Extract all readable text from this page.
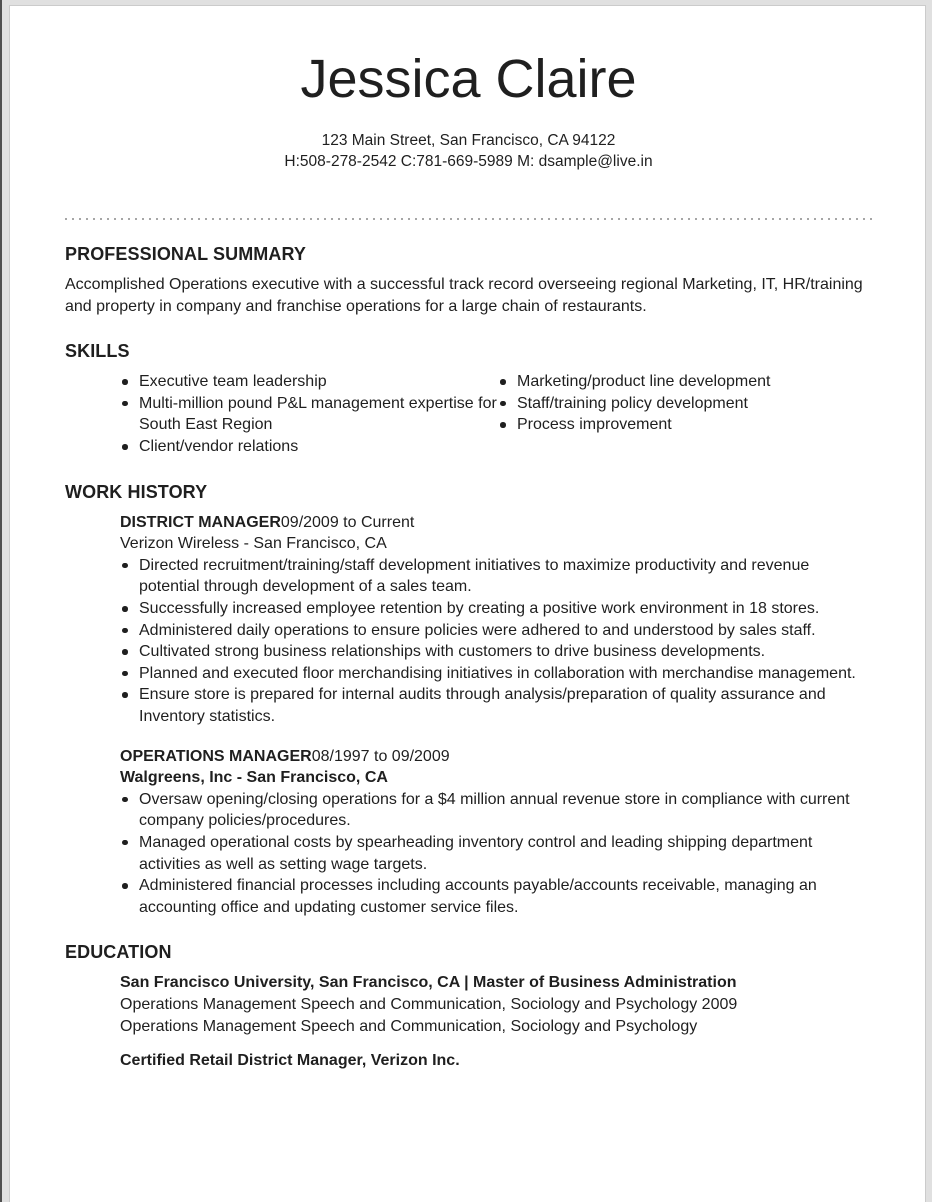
Jessica Claire
123 Main Street, San Francisco, CA 94122
H:508-278-2542 C:781-669-5989 M: dsample@live.in
PROFESSIONAL SUMMARY

Accomplished Operations executive with a successful track record overseeing regional Marketing, IT, HR/training and property in company and franchise operations for a large chain of restaurants.

SKILLS
Executive team leadership
Multi-million pound P&L management expertise for South East Region
Client/vendor relations
Marketing/product line development
Staff/training policy development
Process improvement
WORK HISTORY
DISTRICT MANAGER09/2009 to Current
Verizon Wireless - San Francisco, CA
Directed recruitment/training/staff development initiatives to maximize productivity and revenue potential through development of a sales team.
Successfully increased employee retention by creating a positive work environment in 18 stores.
Administered daily operations to ensure policies were adhered to and understood by sales staff.
Cultivated strong business relationships with customers to drive business developments.
Planned and executed floor merchandising initiatives in collaboration with merchandise management.
Ensure store is prepared for internal audits through analysis/preparation of quality assurance and Inventory statistics.
OPERATIONS MANAGER08/1997 to 09/2009
Walgreens, Inc - San Francisco, CA
Oversaw opening/closing operations for a $4 million annual revenue store in compliance with current company policies/procedures.
Managed operational costs by spearheading inventory control and leading shipping department activities as well as setting wage targets.
Administered financial processes including accounts payable/accounts receivable, managing an accounting office and updating customer service files.
EDUCATION
San Francisco University, San Francisco, CA | Master of Business Administration
Operations Management Speech and Communication, Sociology and Psychology 2009
Operations Management Speech and Communication, Sociology and Psychology
Certified Retail District Manager, Verizon Inc.
